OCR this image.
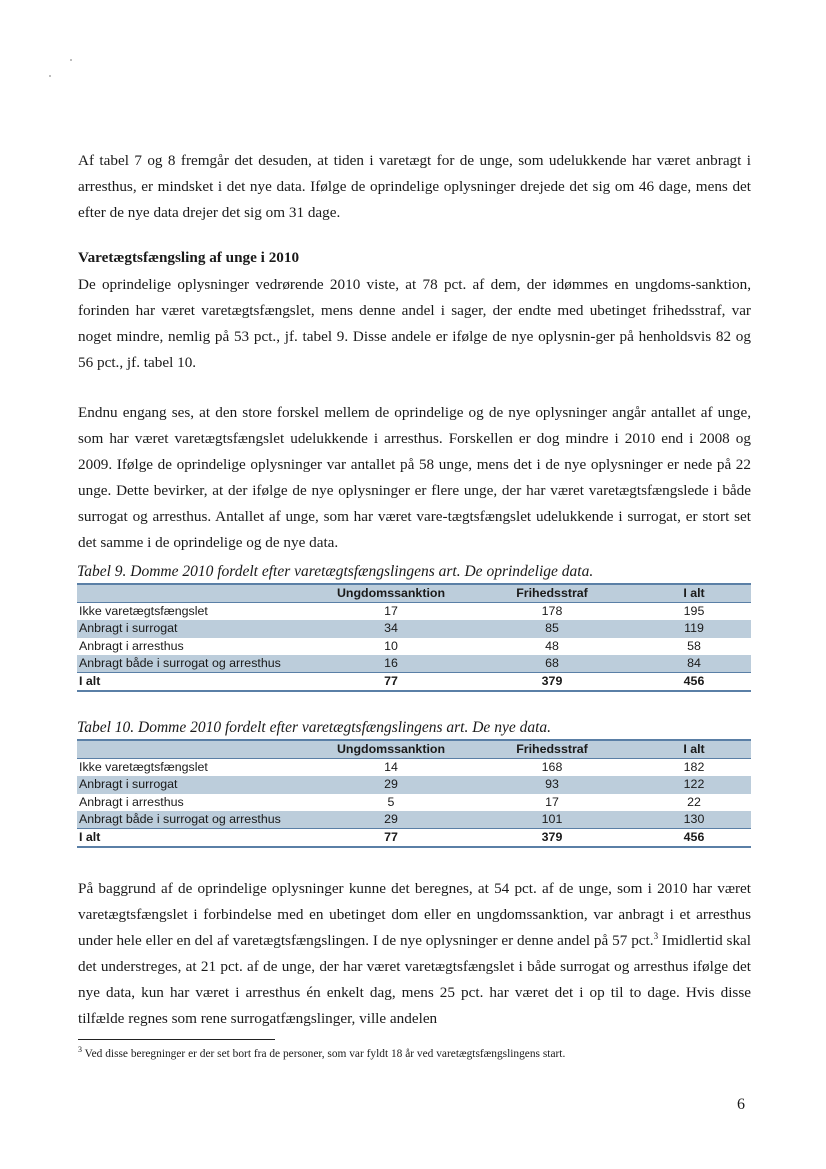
Af tabel 7 og 8 fremgår det desuden, at tiden i varetægt for de unge, som udelukkende har været anbragt i arresthus, er mindsket i det nye data. Ifølge de oprindelige oplysninger drejede det sig om 46 dage, mens det efter de nye data drejer det sig om 31 dage.

Varetægtsfængsling af unge i 2010

De oprindelige oplysninger vedrørende 2010 viste, at 78 pct. af dem, der idømmes en ungdoms-sanktion, forinden har været varetægtsfængslet, mens denne andel i sager, der endte med ubetinget frihedsstraf, var noget mindre, nemlig på 53 pct., jf. tabel 9. Disse andele er ifølge de nye oplysnin-ger på henholdsvis 82 og 56 pct., jf. tabel 10.

Endnu engang ses, at den store forskel mellem de oprindelige og de nye oplysninger angår antallet af unge, som har været varetægtsfængslet udelukkende i arresthus. Forskellen er dog mindre i 2010 end i 2008 og 2009. Ifølge de oprindelige oplysninger var antallet på 58 unge, mens det i de nye oplysninger er nede på 22 unge. Dette bevirker, at der ifølge de nye oplysninger er flere unge, der har været varetægtsfængslede i både surrogat og arresthus. Antallet af unge, som har været vare-tægtsfængslet udelukkende i surrogat, er stort set det samme i de oprindelige og de nye data.

Tabel 9. Domme 2010 fordelt efter varetægtsfængslingens art. De oprindelige data.
	Ungdomssanktion	Frihedsstraf	I alt
Ikke varetægtsfængslet	17	178	195
Anbragt i surrogat	34	85	119
Anbragt i arresthus	10	48	58
Anbragt både i surrogat og arresthus	16	68	84
I alt	77	379	456
Tabel 10. Domme 2010 fordelt efter varetægtsfængslingens art. De nye data.
	Ungdomssanktion	Frihedsstraf	I alt
Ikke varetægtsfængslet	14	168	182
Anbragt i surrogat	29	93	122
Anbragt i arresthus	5	17	22
Anbragt både i surrogat og arresthus	29	101	130
I alt	77	379	456

På baggrund af de oprindelige oplysninger kunne det beregnes, at 54 pct. af de unge, som i 2010 har været varetægtsfængslet i forbindelse med en ubetinget dom eller en ungdomssanktion, var anbragt i et arresthus under hele eller en del af varetægtsfængslingen. I de nye oplysninger er denne andel på 57 pct.$^3$ Imidlertid skal det understreges, at 21 pct. af de unge, der har været varetægtsfængslet i både surrogat og arresthus ifølge det nye data, kun har været i arresthus én enkelt dag, mens 25 pct. har været det i op til to dage. Hvis disse tilfælde regnes som rene surrogatfængslinger, ville andelen

$^3$ Ved disse beregninger er der set bort fra de personer, som var fyldt 18 år ved varetægtsfængslingens start.

6
